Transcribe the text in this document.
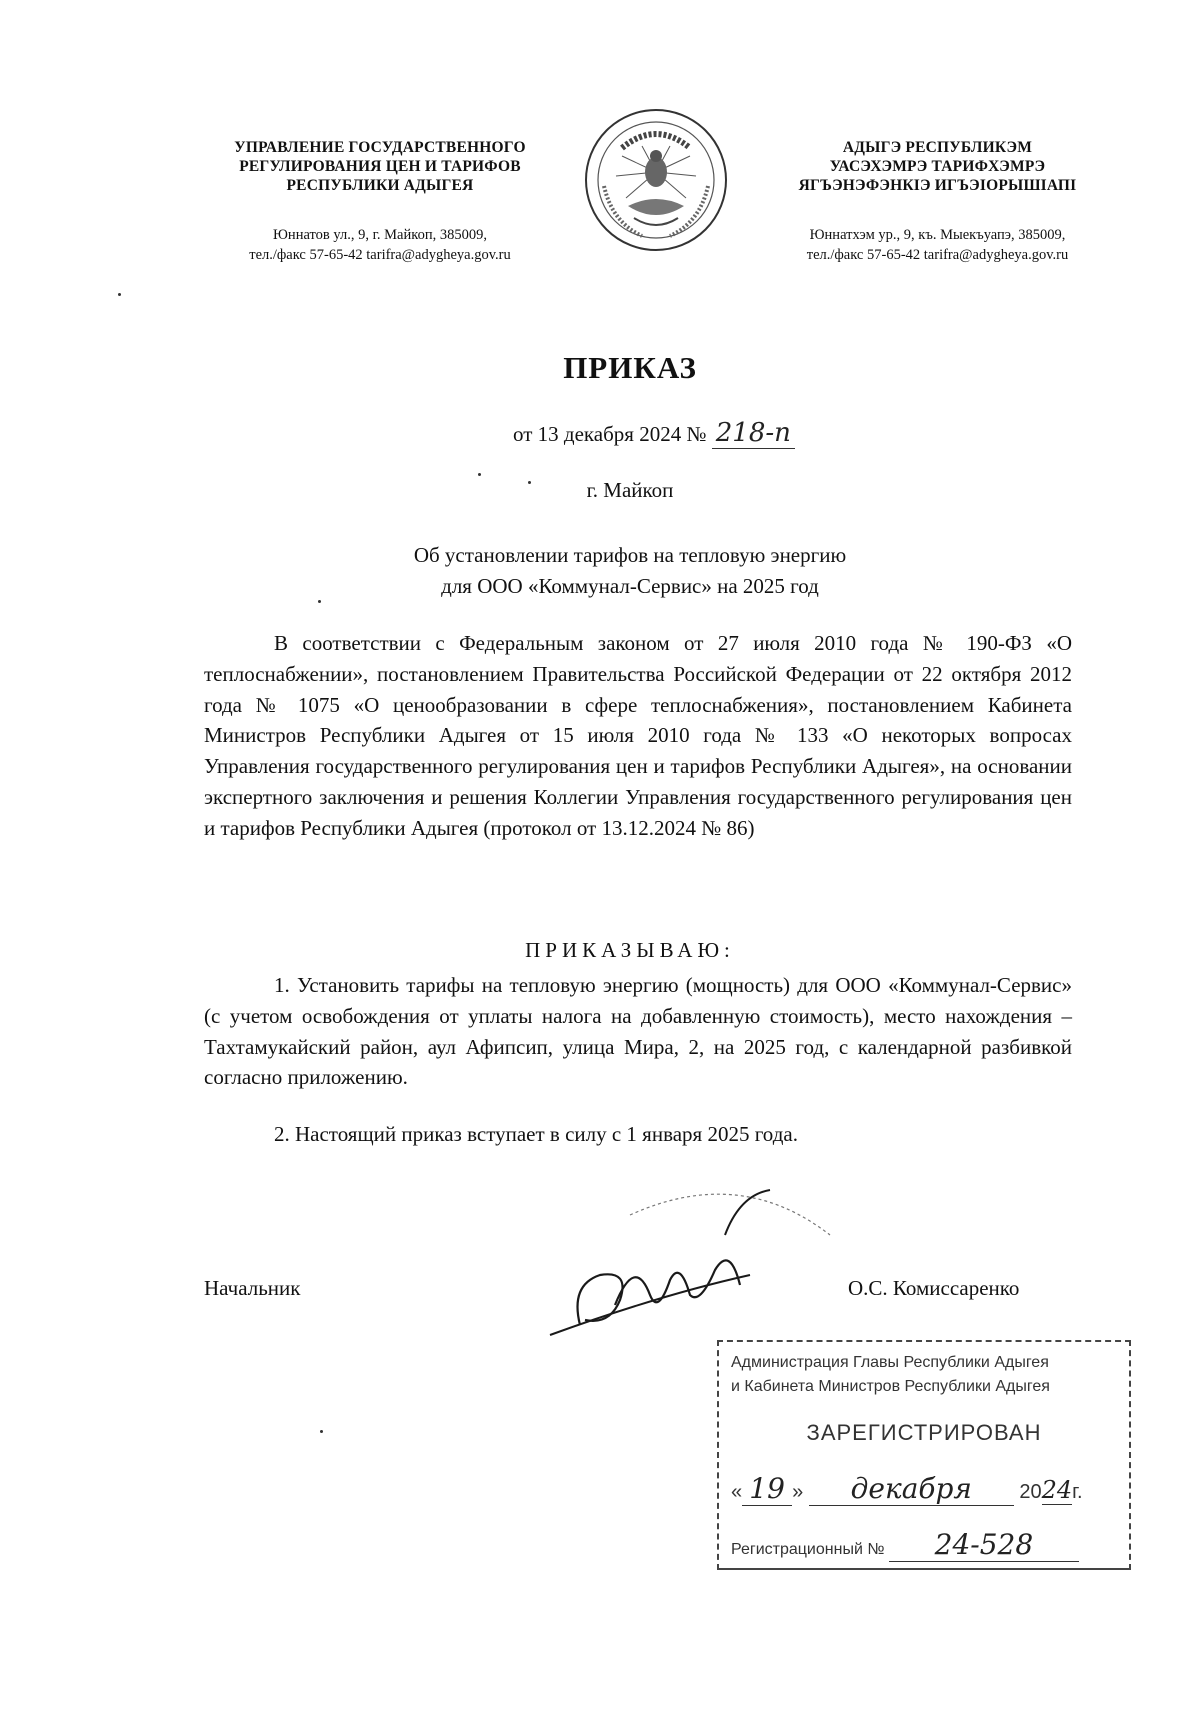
УПРАВЛЕНИЕ ГОСУДАРСТВЕННОГО
РЕГУЛИРОВАНИЯ ЦЕН И ТАРИФОВ
РЕСПУБЛИКИ АДЫГЕЯ
Юннатов ул., 9, г. Майкоп, 385009,
тел./факс 57-65-42 tarifra@adygheya.gov.ru
АДЫГЭ РЕСПУБЛИКЭМ
УАСЭХЭМРЭ ТАРИФХЭМРЭ
ЯГЪЭНЭФЭНКIЭ ИГЪЭIОРЫШIАПI
Юннатхэм ур., 9, къ. Мыекъуапэ, 385009,
тел./факс 57-65-42 tarifra@adygheya.gov.ru
ПРИКАЗ
от 13 декабря 2024 № 218-п
г. Майкоп
Об установлении тарифов на тепловую энергию
для ООО «Коммунал-Сервис» на 2025 год
В соответствии с Федеральным законом от 27 июля 2010 года № 190-ФЗ «О теплоснабжении», постановлением Правительства Российской Федерации от 22 октября 2012 года № 1075 «О ценообразовании в сфере теплоснабжения», постановлением Кабинета Министров Республики Адыгея от 15 июля 2010 года № 133 «О некоторых вопросах Управления государственного регулирования цен и тарифов Республики Адыгея», на основании экспертного заключения и решения Коллегии Управления государственного регулирования цен и тарифов Республики Адыгея (протокол от 13.12.2024 № 86)
ПРИКАЗЫВАЮ:
1. Установить тарифы на тепловую энергию (мощность) для ООО «Коммунал-Сервис» (с учетом освобождения от уплаты налога на добавленную стоимость), место нахождения – Тахтамукайский район, аул Афипсип, улица Мира, 2, на 2025 год, с календарной разбивкой согласно приложению.
2. Настоящий приказ вступает в силу с 1 января 2025 года.
Начальник	О.С. Комиссаренко
Администрация Главы Республики Адыгея
и Кабинета Министров Республики Адыгея
ЗАРЕГИСТРИРОВАН
« 19 » декабря 2024г.
Регистрационный № 24-528
